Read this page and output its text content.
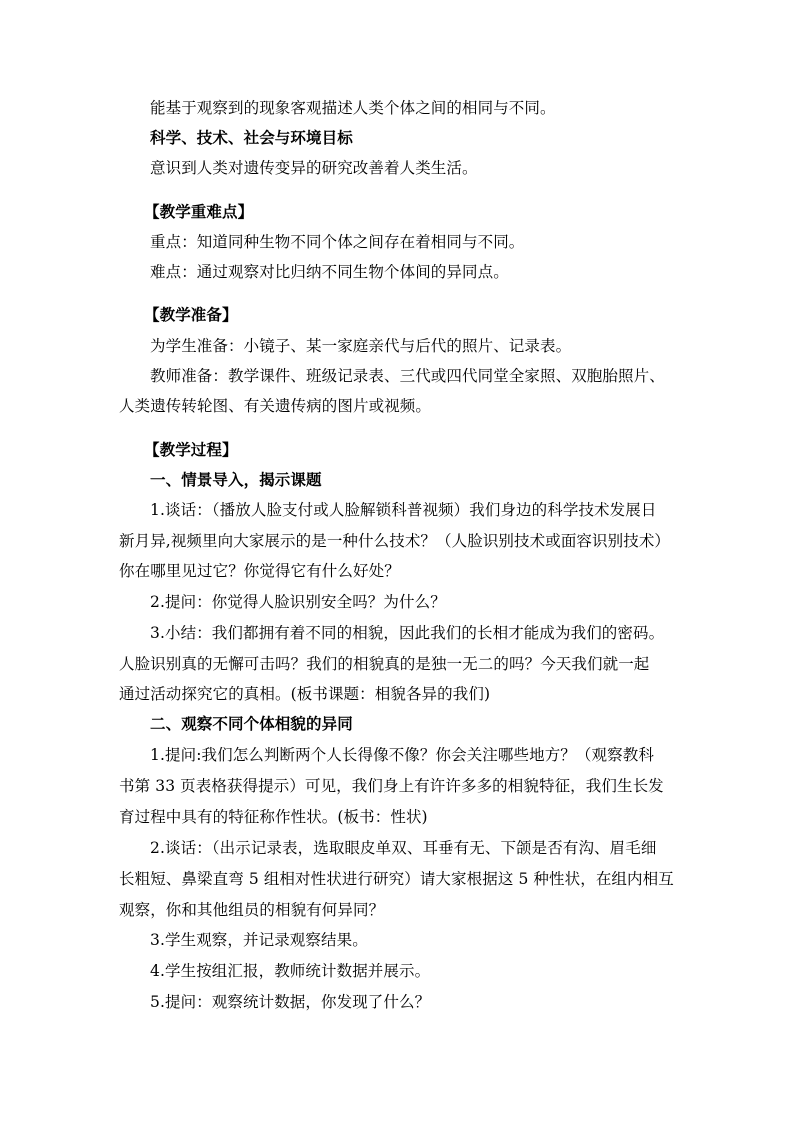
能基于观察到的现象客观描述人类个体之间的相同与不同。
科学、技术、社会与环境目标
意识到人类对遗传变异的研究改善着人类生活。
【教学重难点】
重点：知道同种生物不同个体之间存在着相同与不同。
难点：通过观察对比归纳不同生物个体间的异同点。
【教学准备】
为学生准备：小镜子、某一家庭亲代与后代的照片、记录表。
教师准备：教学课件、班级记录表、三代或四代同堂全家照、双胞胎照片、
人类遗传转轮图、有关遗传病的图片或视频。
【教学过程】
一、情景导入，揭示课题
1.谈话：（播放人脸支付或人脸解锁科普视频）我们身边的科学技术发展日
新月异,视频里向大家展示的是一种什么技术？（人脸识别技术或面容识别技术）
你在哪里见过它？你觉得它有什么好处？
2.提问：你觉得人脸识别安全吗？为什么？
3.小结：我们都拥有着不同的相貌，因此我们的长相才能成为我们的密码。
人脸识别真的无懈可击吗？我们的相貌真的是独一无二的吗？今天我们就一起
通过活动探究它的真相。(板书课题：相貌各异的我们)
二、观察不同个体相貌的异同
1.提问:我们怎么判断两个人长得像不像？你会关注哪些地方？（观察教科
书第 33 页表格获得提示）可见，我们身上有许许多多的相貌特征，我们生长发
育过程中具有的特征称作性状。(板书：性状)
2.谈话：（出示记录表，选取眼皮单双、耳垂有无、下颌是否有沟、眉毛细
长粗短、鼻梁直弯 5 组相对性状进行研究）请大家根据这 5 种性状，在组内相互
观察，你和其他组员的相貌有何异同？
3.学生观察，并记录观察结果。
4.学生按组汇报，教师统计数据并展示。
5.提问：观察统计数据，你发现了什么？
